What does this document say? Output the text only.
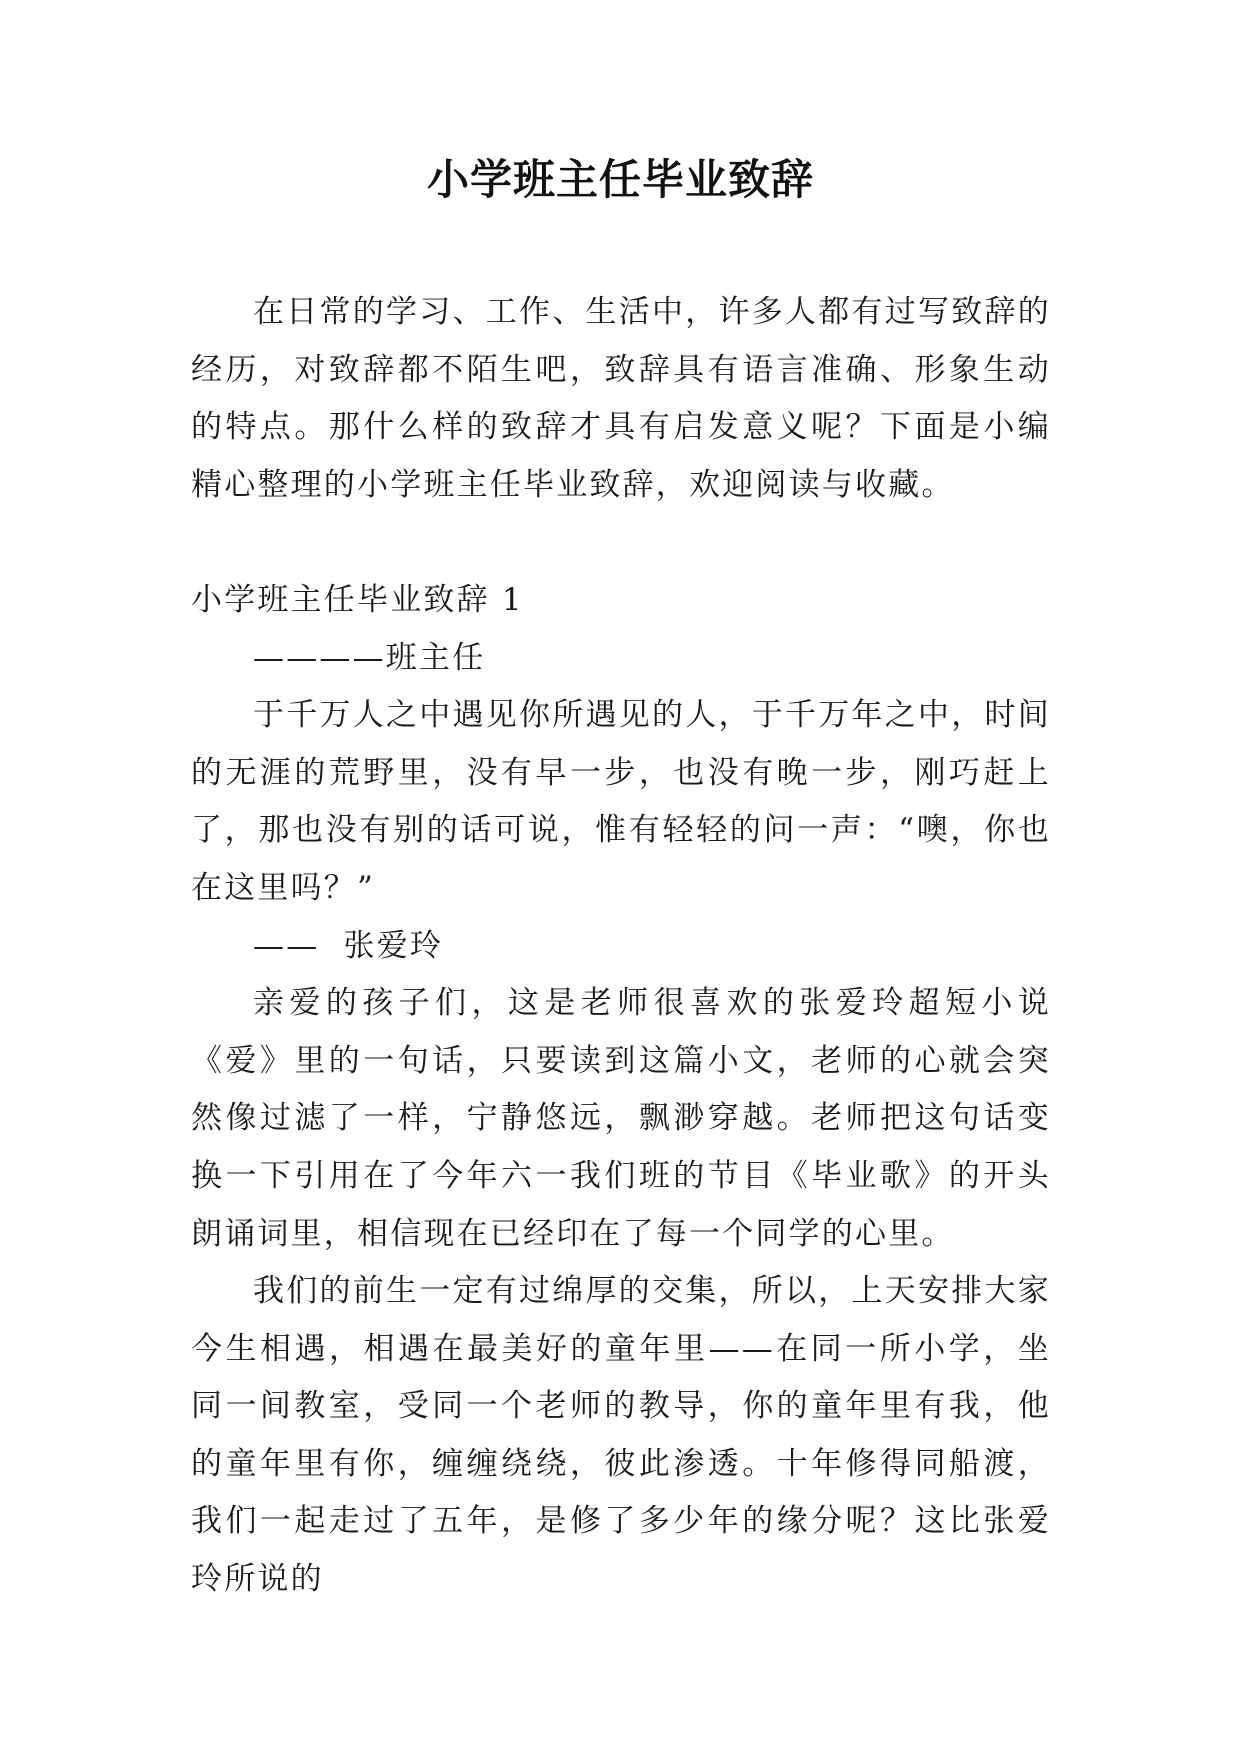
小学班主任毕业致辞

在日常的学习、工作、生活中，许多人都有过写致辞的经历，对致辞都不陌生吧，致辞具有语言准确、形象生动的特点。那什么样的致辞才具有启发意义呢？下面是小编精心整理的小学班主任毕业致辞，欢迎阅读与收藏。

小学班主任毕业致辞 1

————班主任

于千万人之中遇见你所遇见的人，于千万年之中，时间的无涯的荒野里，没有早一步，也没有晚一步，刚巧赶上了，那也没有别的话可说，惟有轻轻的问一声：“噢，你也在这里吗？”

——  张爱玲

亲爱的孩子们，这是老师很喜欢的张爱玲超短小说《爱》里的一句话，只要读到这篇小文，老师的心就会突然像过滤了一样，宁静悠远，飘渺穿越。老师把这句话变换一下引用在了今年六一我们班的节目《毕业歌》的开头朗诵词里，相信现在已经印在了每一个同学的心里。

我们的前生一定有过绵厚的交集，所以，上天安排大家今生相遇，相遇在最美好的童年里——在同一所小学，坐同一间教室，受同一个老师的教导，你的童年里有我，他的童年里有你，缠缠绕绕，彼此渗透。十年修得同船渡，我们一起走过了五年，是修了多少年的缘分呢？这比张爱玲所说的
